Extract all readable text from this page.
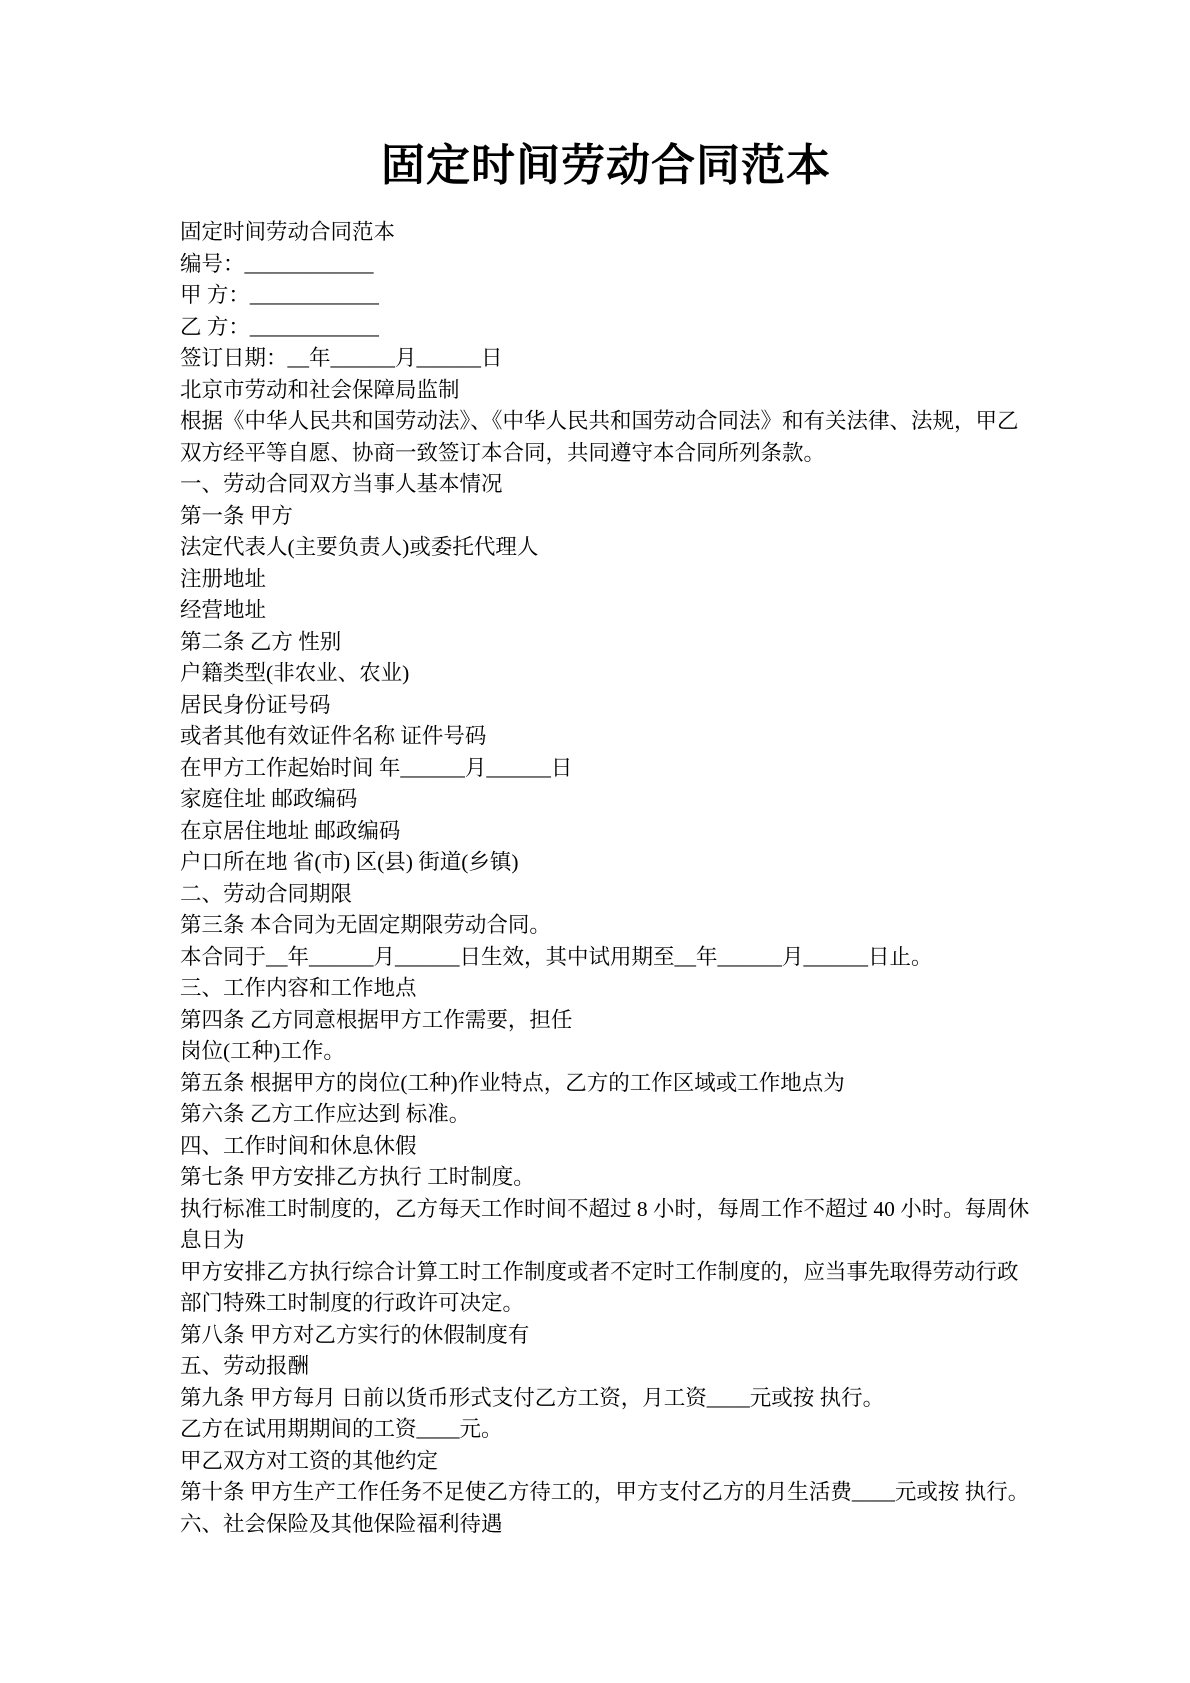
固定时间劳动合同范本

固定时间劳动合同范本

编号：____________

甲 方：____________

乙 方：____________

签订日期：__年______月______日

北京市劳动和社会保障局监制

根据《中华人民共和国劳动法》、《中华人民共和国劳动合同法》和有关法律、法规，甲乙双方经平等自愿、协商一致签订本合同，共同遵守本合同所列条款。

一、劳动合同双方当事人基本情况

第一条 甲方

法定代表人(主要负责人)或委托代理人

注册地址

经营地址

第二条 乙方 性别

户籍类型(非农业、农业)

居民身份证号码

或者其他有效证件名称 证件号码

在甲方工作起始时间 年______月______日

家庭住址 邮政编码

在京居住地址 邮政编码

户口所在地 省(市) 区(县) 街道(乡镇)

二、劳动合同期限

第三条 本合同为无固定期限劳动合同。

本合同于__年______月______日生效，其中试用期至__年______月______日止。

三、工作内容和工作地点

第四条 乙方同意根据甲方工作需要，担任

岗位(工种)工作。

第五条 根据甲方的岗位(工种)作业特点，乙方的工作区域或工作地点为

第六条 乙方工作应达到 标准。

四、工作时间和休息休假

第七条 甲方安排乙方执行 工时制度。

执行标准工时制度的，乙方每天工作时间不超过 8 小时，每周工作不超过 40 小时。每周休息日为

甲方安排乙方执行综合计算工时工作制度或者不定时工作制度的，应当事先取得劳动行政部门特殊工时制度的行政许可决定。

第八条 甲方对乙方实行的休假制度有

五、劳动报酬

第九条 甲方每月 日前以货币形式支付乙方工资，月工资____元或按 执行。

乙方在试用期期间的工资____元。

甲乙双方对工资的其他约定

第十条 甲方生产工作任务不足使乙方待工的，甲方支付乙方的月生活费____元或按 执行。

六、社会保险及其他保险福利待遇
